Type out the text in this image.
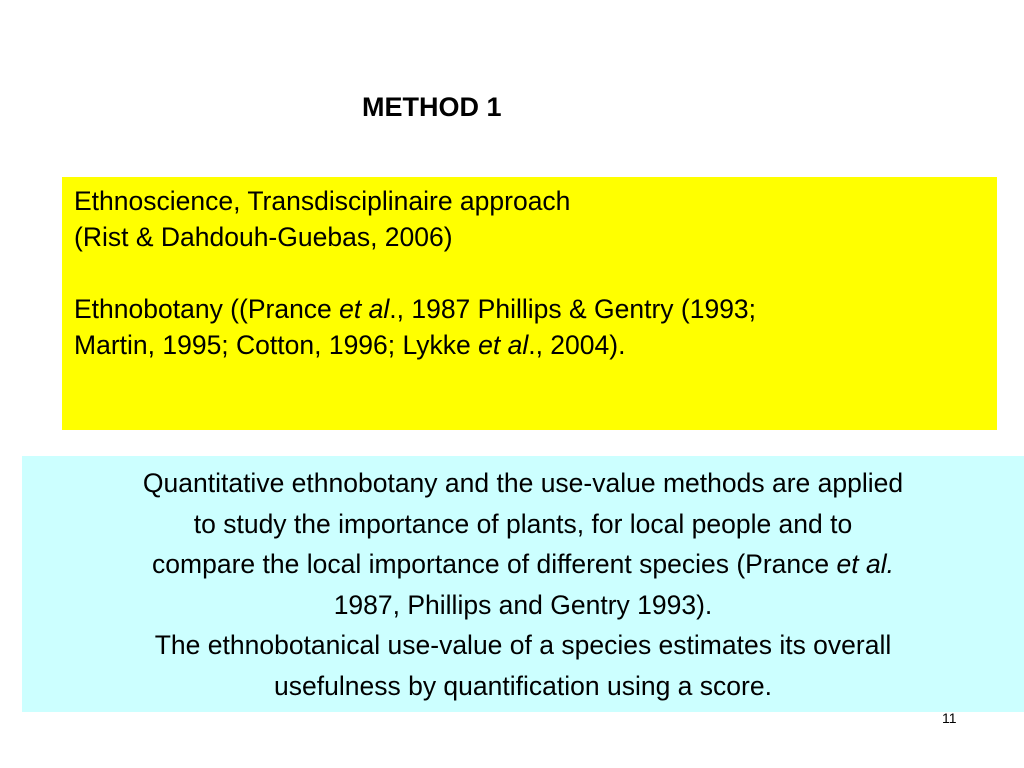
METHOD 1

Ethnoscience, Transdisciplinaire approach

(Rist & Dahdouh-Guebas, 2006)

Ethnobotany ((Prance et al., 1987 Phillips & Gentry (1993;

Martin, 1995; Cotton, 1996; Lykke et al., 2004).

Quantitative ethnobotany and the use-value methods are applied

to study the importance of plants, for local people and to

compare the local importance of different species (Prance et al.

1987, Phillips and Gentry 1993).

The ethnobotanical use-value of a species estimates its overall

usefulness by quantification using a score.

11
